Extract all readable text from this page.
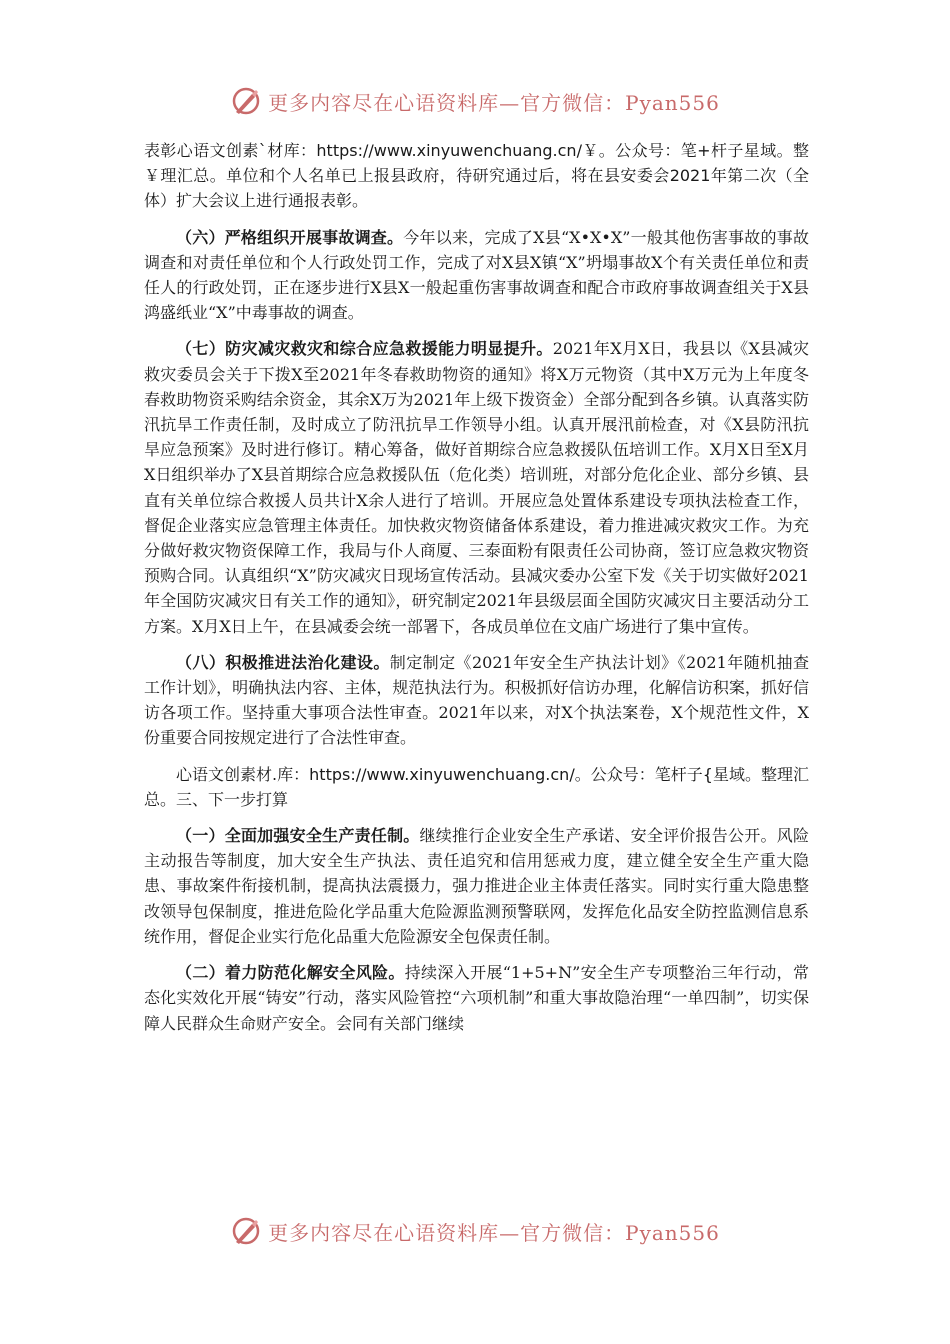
更多内容尽在心语资料库—官方微信：Pyan556

表彰心语文创素`材库：https://www.xinyuwenchuang.cn/￥。公众号：笔+杆子星域。整￥理汇总。单位和个人名单已上报县政府，待研究通过后，将在县安委会2021年第二次（全体）扩大会议上进行通报表彰。

（六）严格组织开展事故调查。今年以来，完成了X县“X•X•X”一般其他伤害事故的事故调查和对责任单位和个人行政处罚工作，完成了对X县X镇“X”坍塌事故X个有关责任单位和责任人的行政处罚，正在逐步进行X县X一般起重伤害事故调查和配合市政府事故调查组关于X县鸿盛纸业“X”中毒事故的调查。

（七）防灾减灾救灾和综合应急救援能力明显提升。2021年X月X日，我县以《X县减灾救灾委员会关于下拨X至2021年冬春救助物资的通知》将X万元物资（其中X万元为上年度冬春救助物资采购结余资金，其余X万为2021年上级下拨资金）全部分配到各乡镇。认真落实防汛抗旱工作责任制，及时成立了防汛抗旱工作领导小组。认真开展汛前检查，对《X县防汛抗旱应急预案》及时进行修订。精心筹备，做好首期综合应急救援队伍培训工作。X月X日至X月X日组织举办了X县首期综合应急救援队伍（危化类）培训班，对部分危化企业、部分乡镇、县直有关单位综合救援人员共计X余人进行了培训。开展应急处置体系建设专项执法检查工作，督促企业落实应急管理主体责任。加快救灾物资储备体系建设，着力推进减灾救灾工作。为充分做好救灾物资保障工作，我局与仆人商厦、三泰面粉有限责任公司协商，签订应急救灾物资预购合同。认真组织“X”防灾减灾日现场宣传活动。县减灾委办公室下发《关于切实做好2021年全国防灾减灾日有关工作的通知》，研究制定2021年县级层面全国防灾减灾日主要活动分工方案。X月X日上午，在县减委会统一部署下，各成员单位在文庙广场进行了集中宣传。

（八）积极推进法治化建设。制定制定《2021年安全生产执法计划》《2021年随机抽查工作计划》，明确执法内容、主体，规范执法行为。积极抓好信访办理，化解信访积案，抓好信访各项工作。坚持重大事项合法性审查。2021年以来，对X个执法案卷，X个规范性文件，X份重要合同按规定进行了合法性审查。

心语文创素材.库：https://www.xinyuwenchuang.cn/。公众号：笔杆子{星域。整理汇总。三、下一步打算

（一）全面加强安全生产责任制。继续推行企业安全生产承诺、安全评价报告公开。风险主动报告等制度，加大安全生产执法、责任追究和信用惩戒力度，建立健全安全生产重大隐患、事故案件衔接机制，提高执法震摄力，强力推进企业主体责任落实。同时实行重大隐患整改领导包保制度，推进危险化学品重大危险源监测预警联网，发挥危化品安全防控监测信息系统作用，督促企业实行危化品重大危险源安全包保责任制。

（二）着力防范化解安全风险。持续深入开展“1+5+N”安全生产专项整治三年行动，常态化实效化开展“铸安”行动，落实风险管控“六项机制”和重大事故隐治理“一单四制”，切实保障人民群众生命财产安全。会同有关部门继续

更多内容尽在心语资料库—官方微信：Pyan556
